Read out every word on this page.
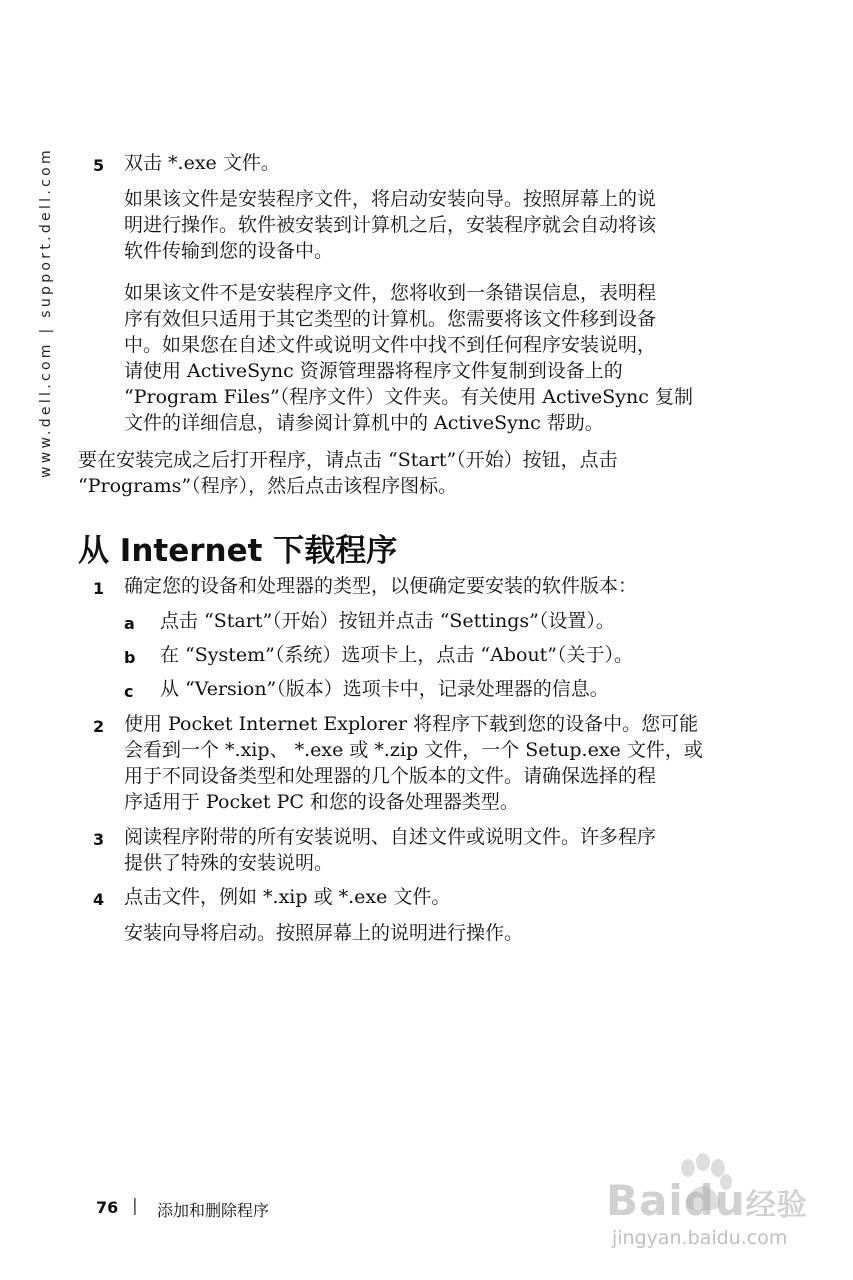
www.dell.com | support.dell.com 5 双击 *.exe 文件。

如果该文件是安装程序文件，将启动安装向导。按照屏幕上的说

明进行操作。软件被安装到计算机之后，安装程序就会自动将该

软件传输到您的设备中。

如果该文件不是安装程序文件，您将收到一条错误信息，表明程

序有效但只适用于其它类型的计算机。您需要将该文件移到设备

中。如果您在自述文件或说明文件中找不到任何程序安装说明，

请使用 ActiveSync 资源管理器将程序文件复制到设备上的

“Program Files”（程序文件）文件夹。有关使用 ActiveSync 复制

文件的详细信息，请参阅计算机中的 ActiveSync 帮助。

要在安装完成之后打开程序，请点击 “Start”（开始）按钮，点击

“Programs”（程序），然后点击该程序图标。

从 Internet 下载程序
1 确定您的设备和处理器的类型，以便确定要安装的软件版本：

a 点击 “Start”（开始）按钮并点击 “Settings”（设置）。

b 在 “System”（系统）选项卡上，点击 “About”（关于）。

c 从 “Version”（版本）选项卡中，记录处理器的信息。

2 使用 Pocket Internet Explorer 将程序下载到您的设备中。您可能

会看到一个 *.xip、 *.exe 或 *.zip 文件，一个 Setup.exe 文件，或

用于不同设备类型和处理器的几个版本的文件。请确保选择的程

序适用于 Pocket PC 和您的设备处理器类型。

3 阅读程序附带的所有安装说明、自述文件或说明文件。许多程序

提供了特殊的安装说明。

4 点击文件，例如 *.xip 或 *.exe 文件。

安装向导将启动。按照屏幕上的说明进行操作。

76 | 添加和删除程序	Baidu经验
jingyan.baidu.com
